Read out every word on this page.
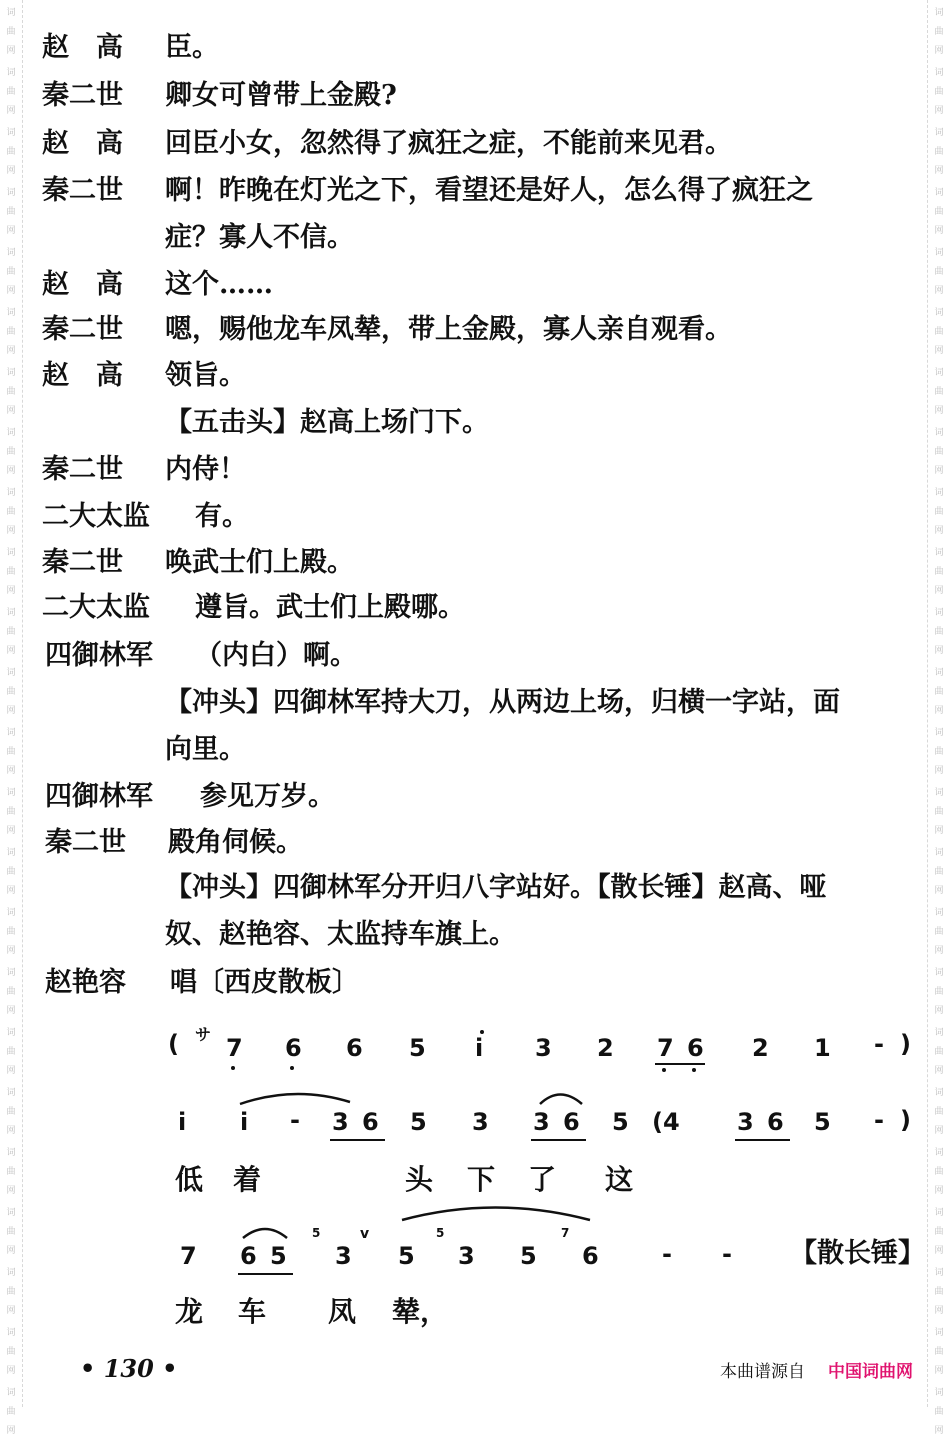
词
曲
网
词
曲
网
词
曲
网
词
曲
网
词
曲
网
词
曲
网
词
曲
网
词
曲
网
词
曲
网
词
曲
网
词
曲
网
词
曲
网
词
曲
网
词
曲
网
词
曲
网
词
曲
网
词
曲
网
词
曲
网
词
曲
网
词
曲
网
词
曲
网
词
曲
网
词
曲
网
词
曲
网
词
曲
网
词
曲
网
词
曲
网
词
曲
网
词
曲
网
词
曲
网
词
曲
网
词
曲
网
词
曲
网
词
曲
网
词
曲
网
词
曲
网
词
曲
网
词
曲
网
词
曲
网
词
曲
网
词
曲
网
词
曲
网
词
曲
网
词
曲
网
词
曲
网
词
曲
网
词
曲
网
词
曲
网
赵　高 臣。
秦二世 卿女可曾带上金殿?
赵　高 回臣小女，忽然得了疯狂之症，不能前来见君。
秦二世 啊！昨晚在灯光之下，看望还是好人，怎么得了疯狂之
症？寡人不信。
赵　高 这个……
秦二世 嗯，赐他龙车凤辇，带上金殿，寡人亲自观看。
赵　高 领旨。
【五击头】赵高上场门下。
秦二世 内侍！
二大太监 有。
秦二世 唤武士们上殿。
二大太监 遵旨。武士们上殿哪。
四御林军 （内白）啊。
【冲头】四御林军持大刀，从两边上场，归横一字站，面
向里。
四御林军 参见万岁。
秦二世 殿角伺候。
【冲头】四御林军分开归八字站好。【散长锤】赵高、哑
奴、赵艳容、太监持车旗上。
赵艳容 唱〔西皮散板〕
( サ 7 6 6 5 i 3 2 7 6 2 1 - )
i i - 3 6 5 3 3 6 5 (4 3 6 5 - )
低 着	头 下 了 这
7 6 5
5
3
v
5
5
3 5
7
6	- - 【散长锤】
龙 车 凤 辇，
• 130 •	本曲谱源自 中国词曲网
